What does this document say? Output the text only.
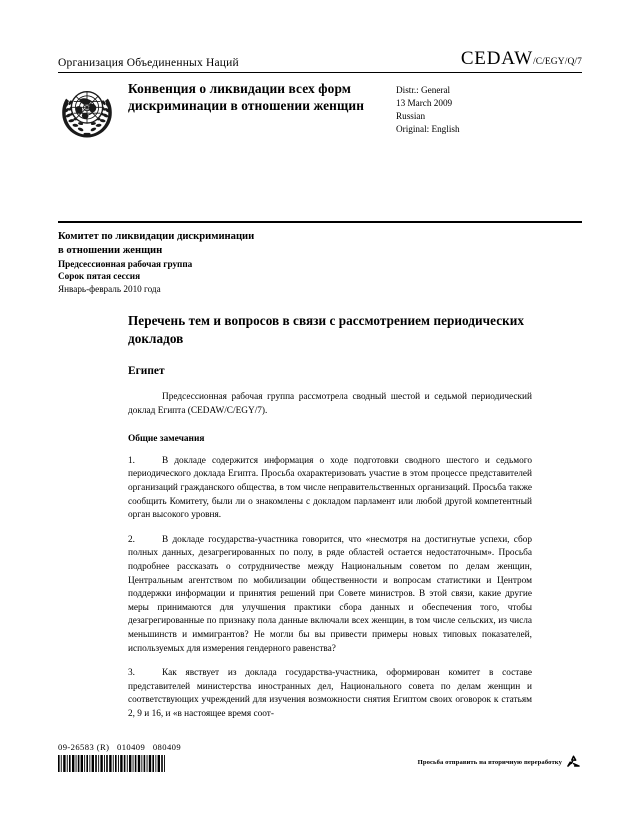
Организация Объединенных Наций	CEDAW /C/EGY/Q/7
Конвенция о ликвидации всех форм дискриминации в отношении женщин
Distr.: General
13 March 2009
Russian
Original: English
Комитет по ликвидации дискриминации
в отношении женщин
Предсессионная рабочая группа
Сорок пятая сессия
Январь-февраль 2010 года
Перечень тем и вопросов в связи с рассмотрением периодических докладов
Египет

Предсессионная рабочая группа рассмотрела сводный шестой и седьмой периодический доклад Египта (CEDAW/C/EGY/7).

Общие замечания

1.	В докладе содержится информация о ходе подготовки сводного шестого и седьмого периодического доклада Египта. Просьба охарактеризовать участие в этом процессе представителей организаций гражданского общества, в том числе неправительственных организаций. Просьба также сообщить Комитету, были ли о знакомлены с докладом парламент или любой другой компетентный орган высокого уровня.

2.	В докладе государства-участника говорится, что «несмотря на достигнутые успехи, сбор полных данных, дезагрегированных по полу, в ряде областей остается недостаточным». Просьба подробнее рассказать о сотрудничестве между Национальным советом по делам женщин, Центральным агентством по мобилизации общественности и вопросам статистики и Центром поддержки информации и принятия решений при Совете министров. В этой связи, какие другие меры принимаются для улучшения практики сбора данных и обеспечения того, чтобы дезагрегированные по признаку пола данные включали всех женщин, в том числе сельских, из числа меньшинств и иммигрантов? Не могли бы вы привести примеры новых типовых показателей, используемых для измерения гендерного равенства?

3.	Как явствует из доклада государства-участника, оформирован комитет в составе представителей министерства иностранных дел, Национального совета по делам женщин и соответствующих учреждений для изучения возможности снятия Египтом своих оговорок к статьям 2, 9 и 16, и «в настоящее время соот-

09-26583 (R) 010409 080409
Просьба отправить на вторичную переработку
